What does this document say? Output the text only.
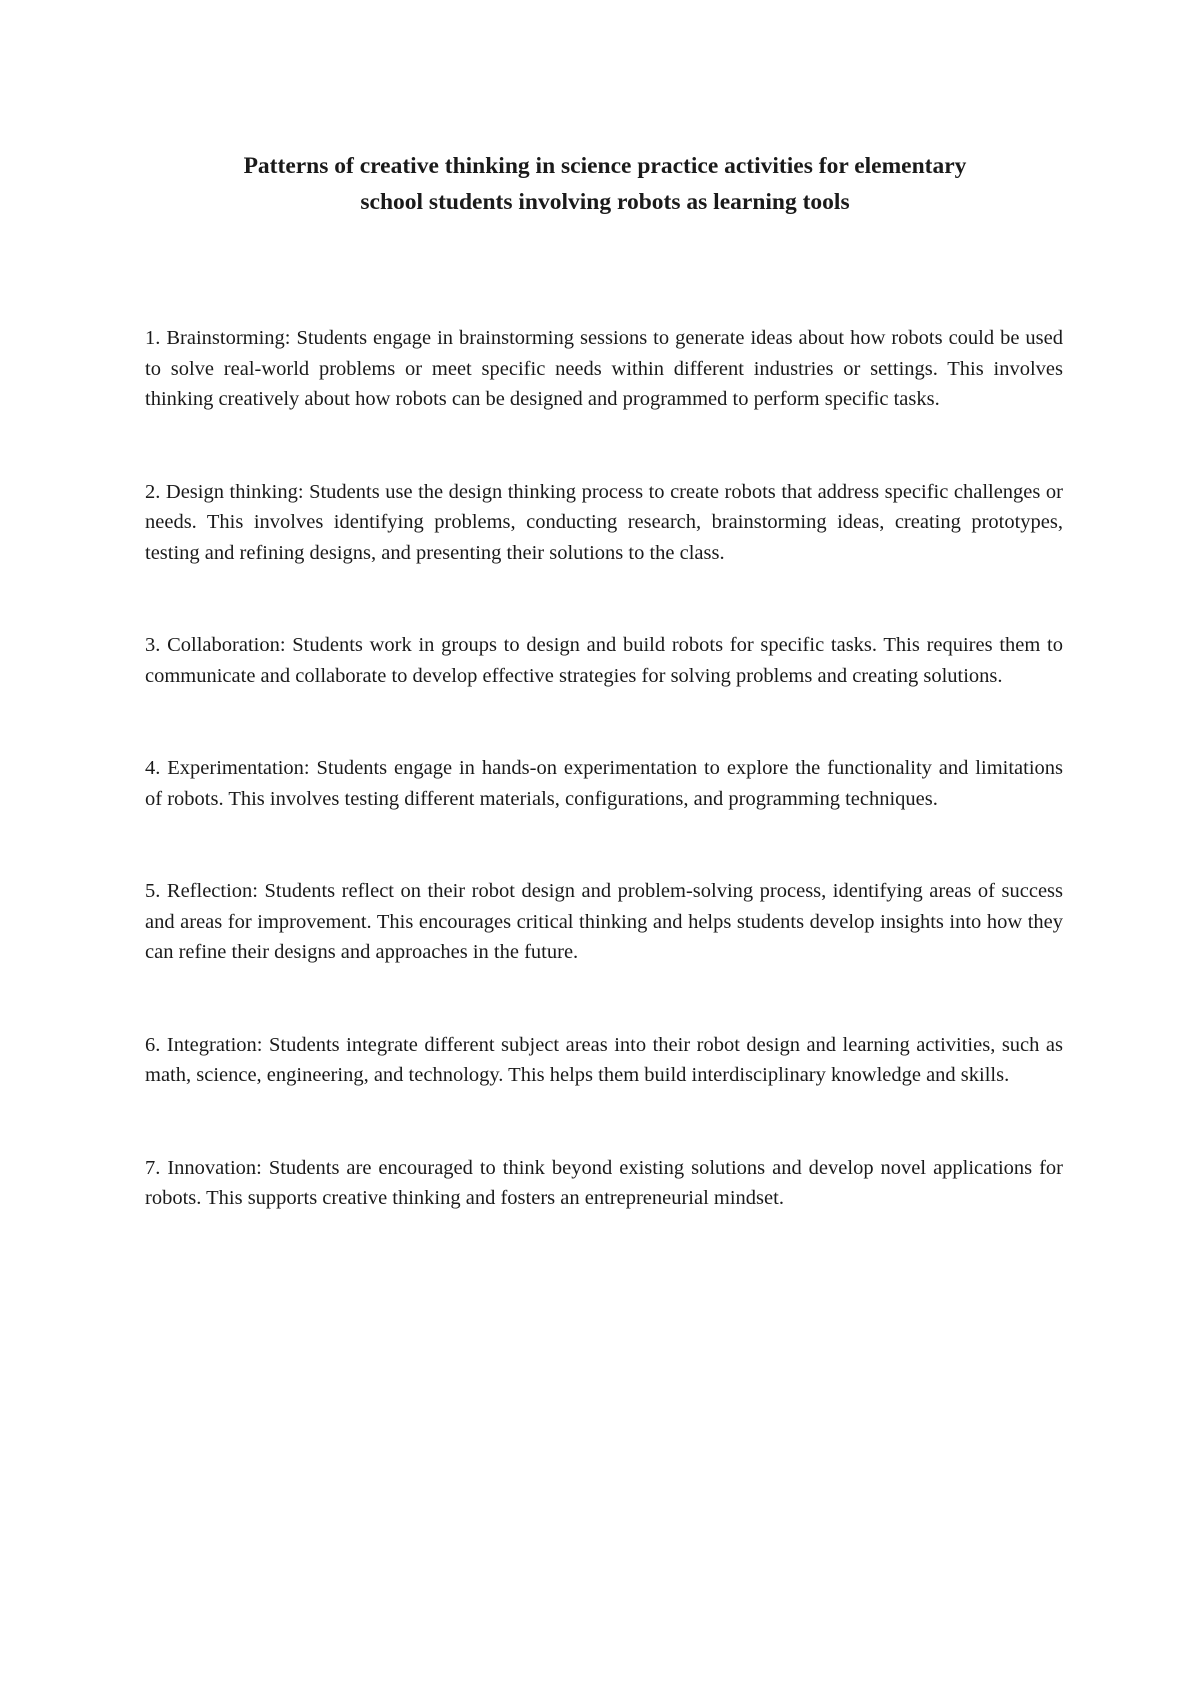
Patterns of creative thinking in science practice activities for elementary
school students involving robots as learning tools

1. Brainstorming: Students engage in brainstorming sessions to generate ideas about how robots could be used to solve real-world problems or meet specific needs within different industries or settings. This involves thinking creatively about how robots can be designed and programmed to perform specific tasks.

2. Design thinking: Students use the design thinking process to create robots that address specific challenges or needs. This involves identifying problems, conducting research, brainstorming ideas, creating prototypes, testing and refining designs, and presenting their solutions to the class.

3. Collaboration: Students work in groups to design and build robots for specific tasks. This requires them to communicate and collaborate to develop effective strategies for solving problems and creating solutions.

4. Experimentation: Students engage in hands-on experimentation to explore the functionality and limitations of robots. This involves testing different materials, configurations, and programming techniques.

5. Reflection: Students reflect on their robot design and problem-solving process, identifying areas of success and areas for improvement. This encourages critical thinking and helps students develop insights into how they can refine their designs and approaches in the future.

6. Integration: Students integrate different subject areas into their robot design and learning activities, such as math, science, engineering, and technology. This helps them build interdisciplinary knowledge and skills.

7. Innovation: Students are encouraged to think beyond existing solutions and develop novel applications for robots. This supports creative thinking and fosters an entrepreneurial mindset.
